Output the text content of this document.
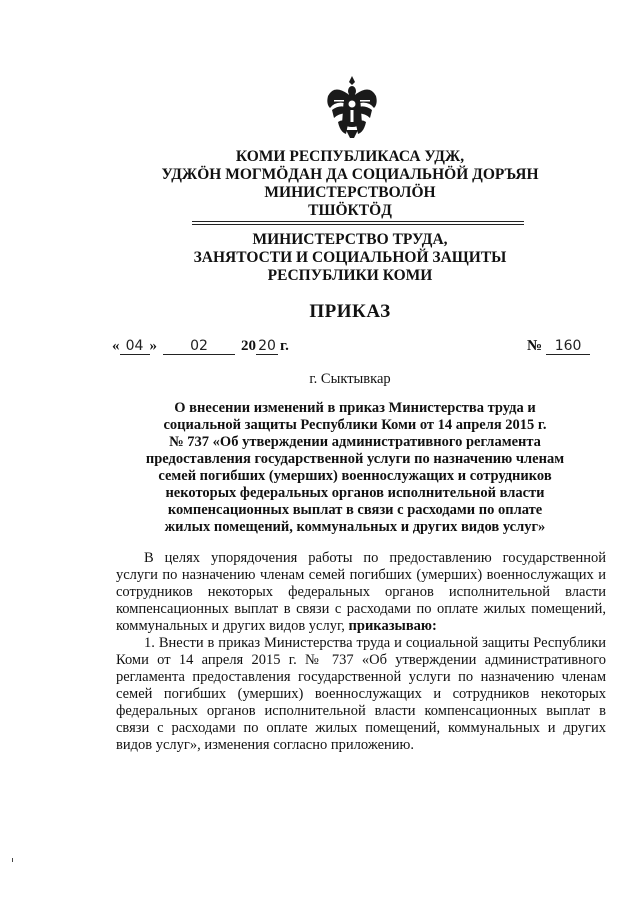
КОМИ РЕСПУБЛИКАСА УДЖ,
УДЖÖН МОГМÖДАН ДА СОЦИАЛЬНÖЙ ДОРЪЯН
МИНИСТЕРСТВОЛÖН
ТШÖКТÖД
МИНИСТЕРСТВО ТРУДА,
ЗАНЯТОСТИ И СОЦИАЛЬНОЙ ЗАЩИТЫ
РЕСПУБЛИКИ КОМИ
ПРИКАЗ
« 04 »	02	20 20 г.	№ 160
г. Сыктывкар
О внесении изменений в приказ Министерства труда и
социальной защиты Республики Коми от 14 апреля 2015 г.
№ 737 «Об утверждении административного регламента
предоставления государственной услуги по назначению членам
семей погибших (умерших) военнослужащих и сотрудников
некоторых федеральных органов исполнительной власти
компенсационных выплат в связи с расходами по оплате
жилых помещений, коммунальных и других видов услуг»

В целях упорядочения работы по предоставлению государственной услуги по назначению членам семей погибших (умерших) военнослужащих и сотрудников некоторых федеральных органов исполнительной власти компенсационных выплат в связи с расходами по оплате жилых помещений, коммунальных и других видов услуг, приказываю:

1. Внести в приказ Министерства труда и социальной защиты Республики Коми от 14 апреля 2015 г. № 737 «Об утверждении административного регламента предоставления государственной услуги по назначению членам семей погибших (умерших) военнослужащих и сотрудников некоторых федеральных органов исполнительной власти компенсационных выплат в связи с расходами по оплате жилых помещений, коммунальных и других видов услуг», изменения согласно приложению.
